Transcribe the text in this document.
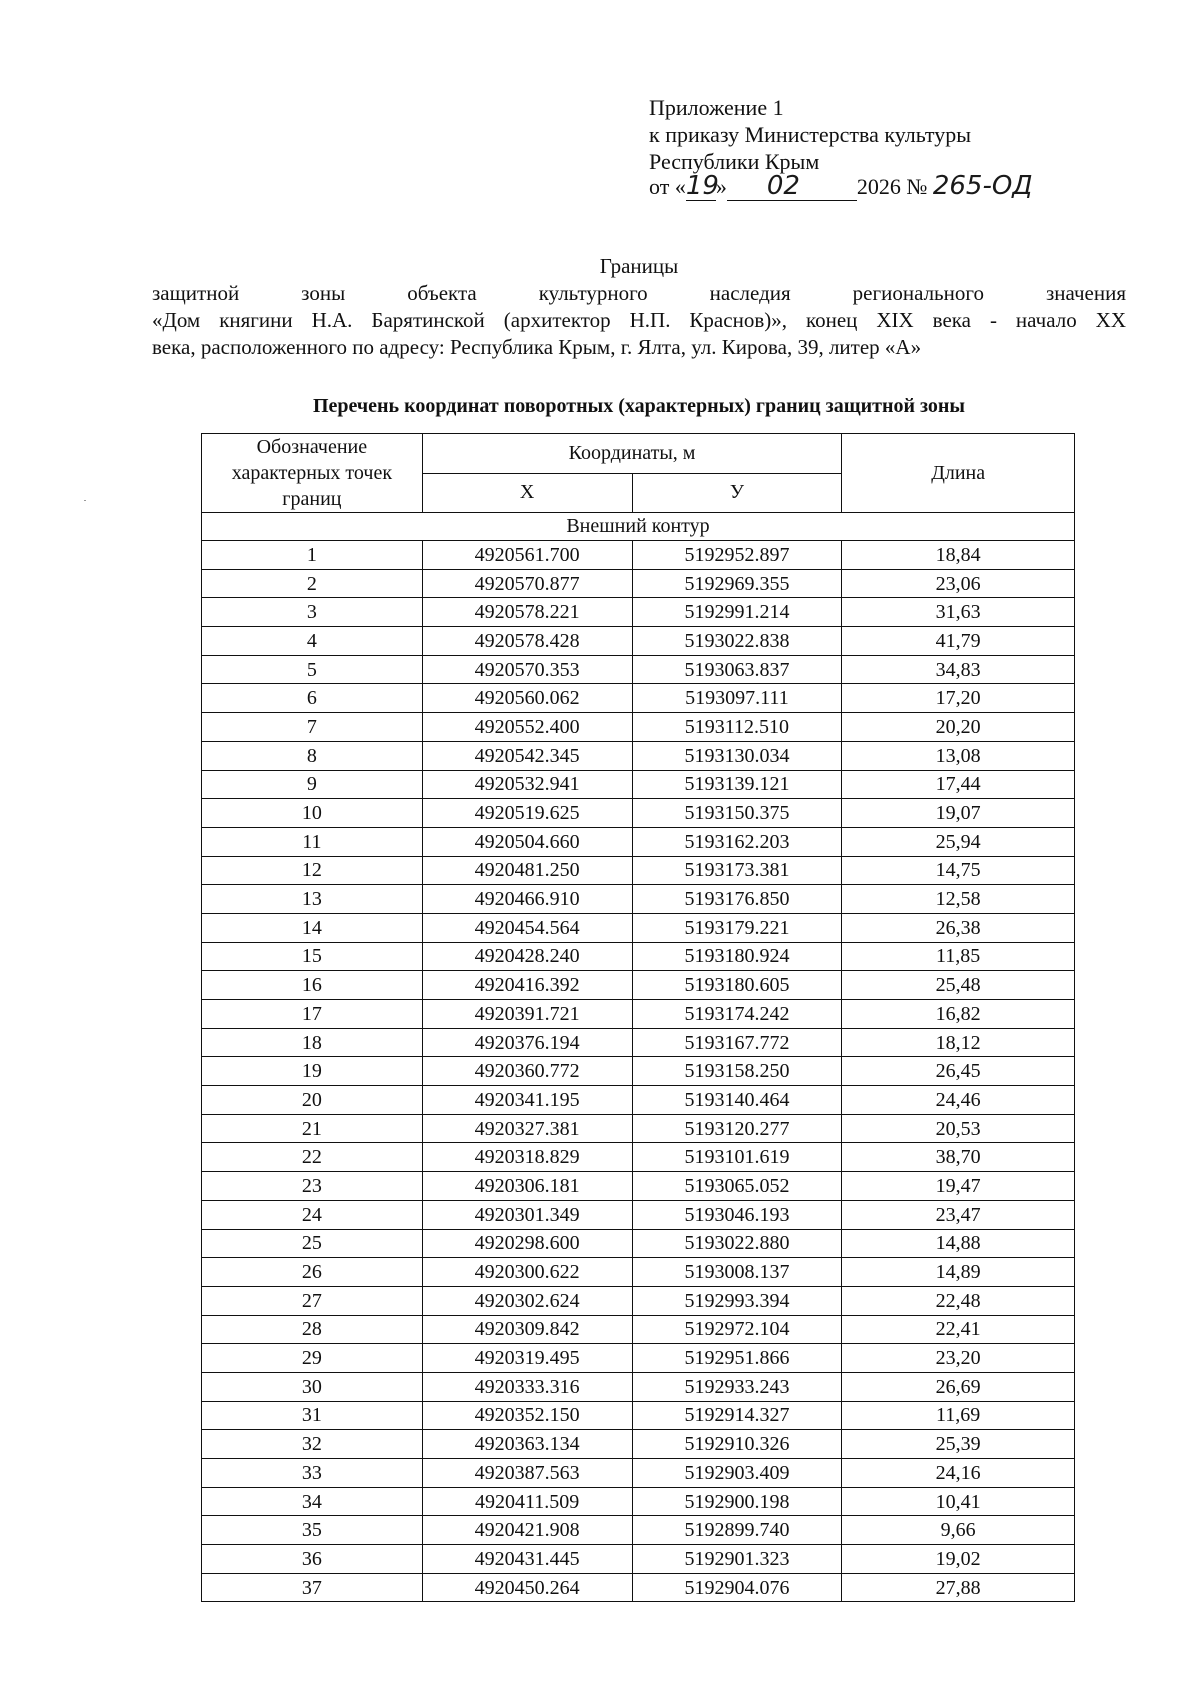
Приложение 1
к приказу Министерства культуры
Республики Крым
от «19» 02	2026 № 265-ОД
Границы
защитной зоны объекта культурного наследия регионального значения
«Дом княгини Н.А. Барятинской (архитектор Н.П. Краснов)», конец XIX века - начало XX
века, расположенного по адресу: Республика Крым, г. Ялта, ул. Кирова, 39, литер «А»
Перечень координат поворотных (характерных) границ защитной зоны
Обозначение характерных точек границ	Координаты, м		Длина
	X	У	
Внешний контур			
1	4920561.700	5192952.897	18,84
2	4920570.877	5192969.355	23,06
3	4920578.221	5192991.214	31,63
4	4920578.428	5193022.838	41,79
5	4920570.353	5193063.837	34,83
6	4920560.062	5193097.111	17,20
7	4920552.400	5193112.510	20,20
8	4920542.345	5193130.034	13,08
9	4920532.941	5193139.121	17,44
10	4920519.625	5193150.375	19,07
11	4920504.660	5193162.203	25,94
12	4920481.250	5193173.381	14,75
13	4920466.910	5193176.850	12,58
14	4920454.564	5193179.221	26,38
15	4920428.240	5193180.924	11,85
16	4920416.392	5193180.605	25,48
17	4920391.721	5193174.242	16,82
18	4920376.194	5193167.772	18,12
19	4920360.772	5193158.250	26,45
20	4920341.195	5193140.464	24,46
21	4920327.381	5193120.277	20,53
22	4920318.829	5193101.619	38,70
23	4920306.181	5193065.052	19,47
24	4920301.349	5193046.193	23,47
25	4920298.600	5193022.880	14,88
26	4920300.622	5193008.137	14,89
27	4920302.624	5192993.394	22,48
28	4920309.842	5192972.104	22,41
29	4920319.495	5192951.866	23,20
30	4920333.316	5192933.243	26,69
31	4920352.150	5192914.327	11,69
32	4920363.134	5192910.326	25,39
33	4920387.563	5192903.409	24,16
34	4920411.509	5192900.198	10,41
35	4920421.908	5192899.740	9,66
36	4920431.445	5192901.323	19,02
37	4920450.264	5192904.076	27,88
